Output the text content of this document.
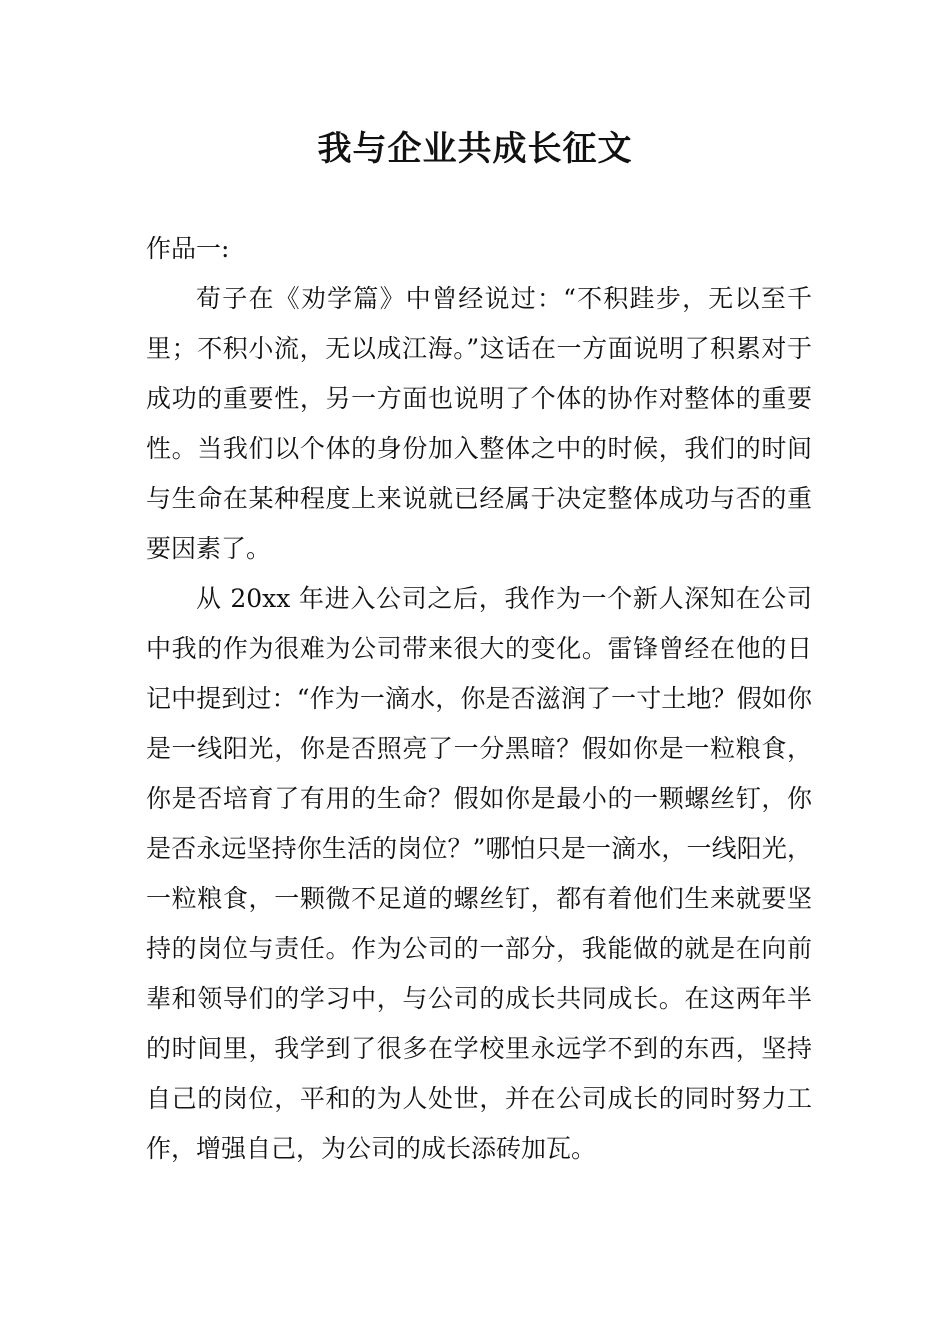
我与企业共成长征文

作品一:

荀子在《劝学篇》中曾经说过：“不积跬步，无以至千里；不积小流，无以成江海。”这话在一方面说明了积累对于成功的重要性，另一方面也说明了个体的协作对整体的重要性。当我们以个体的身份加入整体之中的时候，我们的时间与生命在某种程度上来说就已经属于决定整体成功与否的重要因素了。

从 20xx 年进入公司之后，我作为一个新人深知在公司中我的作为很难为公司带来很大的变化。雷锋曾经在他的日记中提到过：“作为一滴水，你是否滋润了一寸土地？假如你是一线阳光，你是否照亮了一分黑暗？假如你是一粒粮食，你是否培育了有用的生命？假如你是最小的一颗螺丝钉，你是否永远坚持你生活的岗位？”哪怕只是一滴水，一线阳光，一粒粮食，一颗微不足道的螺丝钉，都有着他们生来就要坚持的岗位与责任。作为公司的一部分，我能做的就是在向前辈和领导们的学习中，与公司的成长共同成长。在这两年半的时间里，我学到了很多在学校里永远学不到的东西，坚持自己的岗位，平和的为人处世，并在公司成长的同时努力工作，增强自己，为公司的成长添砖加瓦。
